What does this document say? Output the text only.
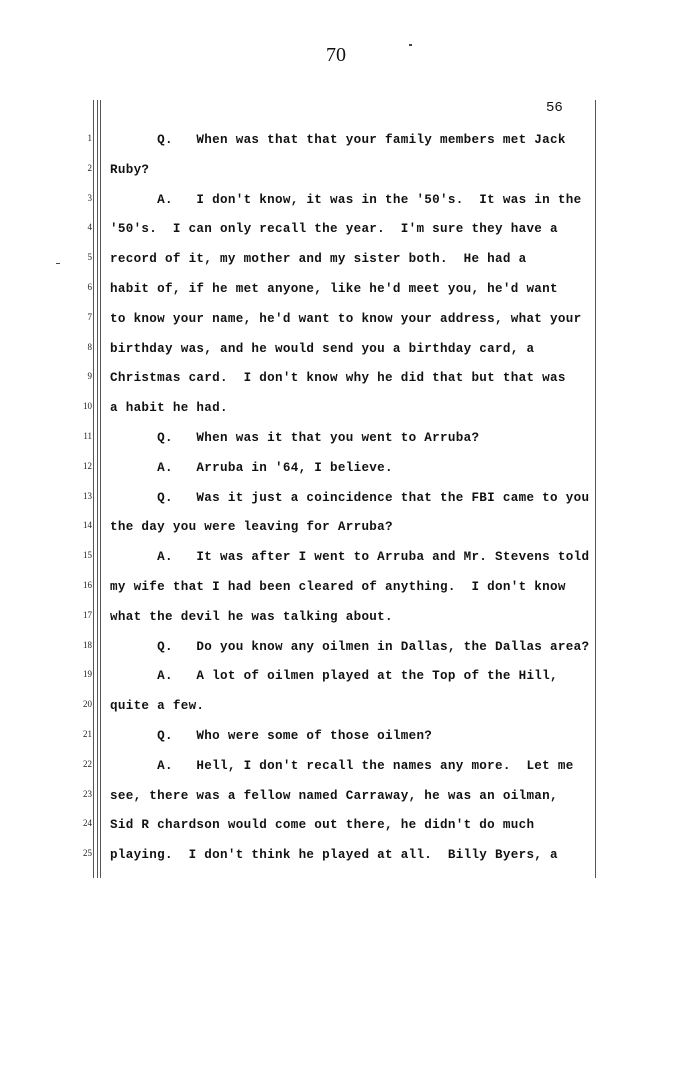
70
56
1
2
3
4
5
6
7
8
9
10
11
12
13
14
15
16
17
18
19
20
21
22
23
24
25
Q.   When was that that your family members met Jack
Ruby?
A.   I don't know, it was in the '50's.  It was in the
'50's.  I can only recall the year.  I'm sure they have a
record of it, my mother and my sister both.  He had a
habit of, if he met anyone, like he'd meet you, he'd want
to know your name, he'd want to know your address, what your
birthday was, and he would send you a birthday card, a
Christmas card.  I don't know why he did that but that was
a habit he had.
Q.   When was it that you went to Arruba?
A.   Arruba in '64, I believe.
Q.   Was it just a coincidence that the FBI came to you
the day you were leaving for Arruba?
A.   It was after I went to Arruba and Mr. Stevens told
my wife that I had been cleared of anything.  I don't know
what the devil he was talking about.
Q.   Do you know any oilmen in Dallas, the Dallas area?
A.   A lot of oilmen played at the Top of the Hill,
quite a few.
Q.   Who were some of those oilmen?
A.   Hell, I don't recall the names any more.  Let me
see, there was a fellow named Carraway, he was an oilman,
Sid R chardson would come out there, he didn't do much
playing.  I don't think he played at all.  Billy Byers, a
